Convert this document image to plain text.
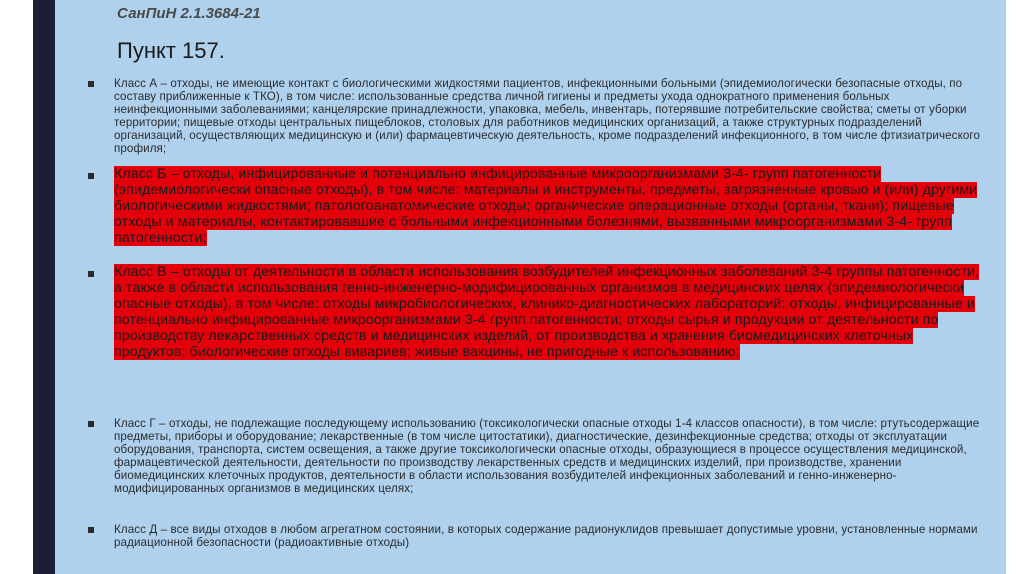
СанПиН 2.1.3684-21
Пункт 157.
Класс А – отходы, не имеющие контакт с биологическими жидкостями пациентов, инфекционными больными (эпидемиологически безопасные отходы, по составу приближенные к ТКО), в том числе: использованные средства личной гигиены и предметы ухода однократного применения больных неинфекционными заболеваниями; канцелярские принадлежности, упаковка, мебель, инвентарь, потерявшие потребительские свойства; сметы от уборки территории; пищевые отходы центральных пищеблоков, столовых для работников медицинских организаций, а также структурных подразделений организаций, осуществляющих медицинскую и (или) фармацевтическую деятельность, кроме подразделений инфекционного, в том числе фтизиатрического профиля;
Класс Б – отходы, инфицированные и потенциально инфицированные микроорганизмами 3-4- групп патогенности (эпидемиологически опасные отходы), в том числе: материалы и инструменты, предметы, загрязненные кровью и (или) другими биологическими жидкостями; патологоанатомические отходы; органические операционные отходы (органы, ткани); пищевые отходы и материалы, контактировавшие с больными инфекционными болезнями, вызванными микроорганизмами 3-4- групп патогенности;
Класс В – отходы от деятельности в области использования возбудителей инфекционных заболеваний 3-4 группы патогенности, а также в области использования генно-инженерно-модифицированных организмов в медицинских целях (эпидемиологически опасные отходы), в том числе: отходы микробиологических, клинико-диагностических лабораторий; отходы, инфицированные и потенциально инфицированные микроорганизмами 3-4 групп патогенности; отходы сырья и продукции от деятельности по производству лекарственных средств и медицинских изделий, от производства и хранения биомедицинских клеточных продуктов; биологические отходы вивариев; живые вакцины, не пригодные к использованию;
Класс Г – отходы, не подлежащие последующему использованию (токсикологически опасные отходы 1-4 классов опасности), в том числе: ртутьсодержащие предметы, приборы и оборудование; лекарственные (в том числе цитостатики), диагностические, дезинфекционные средства; отходы от эксплуатации оборудования, транспорта, систем освещения, а также другие токсикологически опасные отходы, образующиеся в процессе осуществления медицинской, фармацевтической деятельности, деятельности по производству лекарственных средств и медицинских изделий, при производстве, хранении биомедицинских клеточных продуктов, деятельности в области использования возбудителей инфекционных заболеваний и генно-инженерно-модифицированных организмов в медицинских целях;
Класс Д – все виды отходов в любом агрегатном состоянии, в которых содержание радионуклидов превышает допустимые уровни, установленные нормами радиационной безопасности (радиоактивные отходы)
